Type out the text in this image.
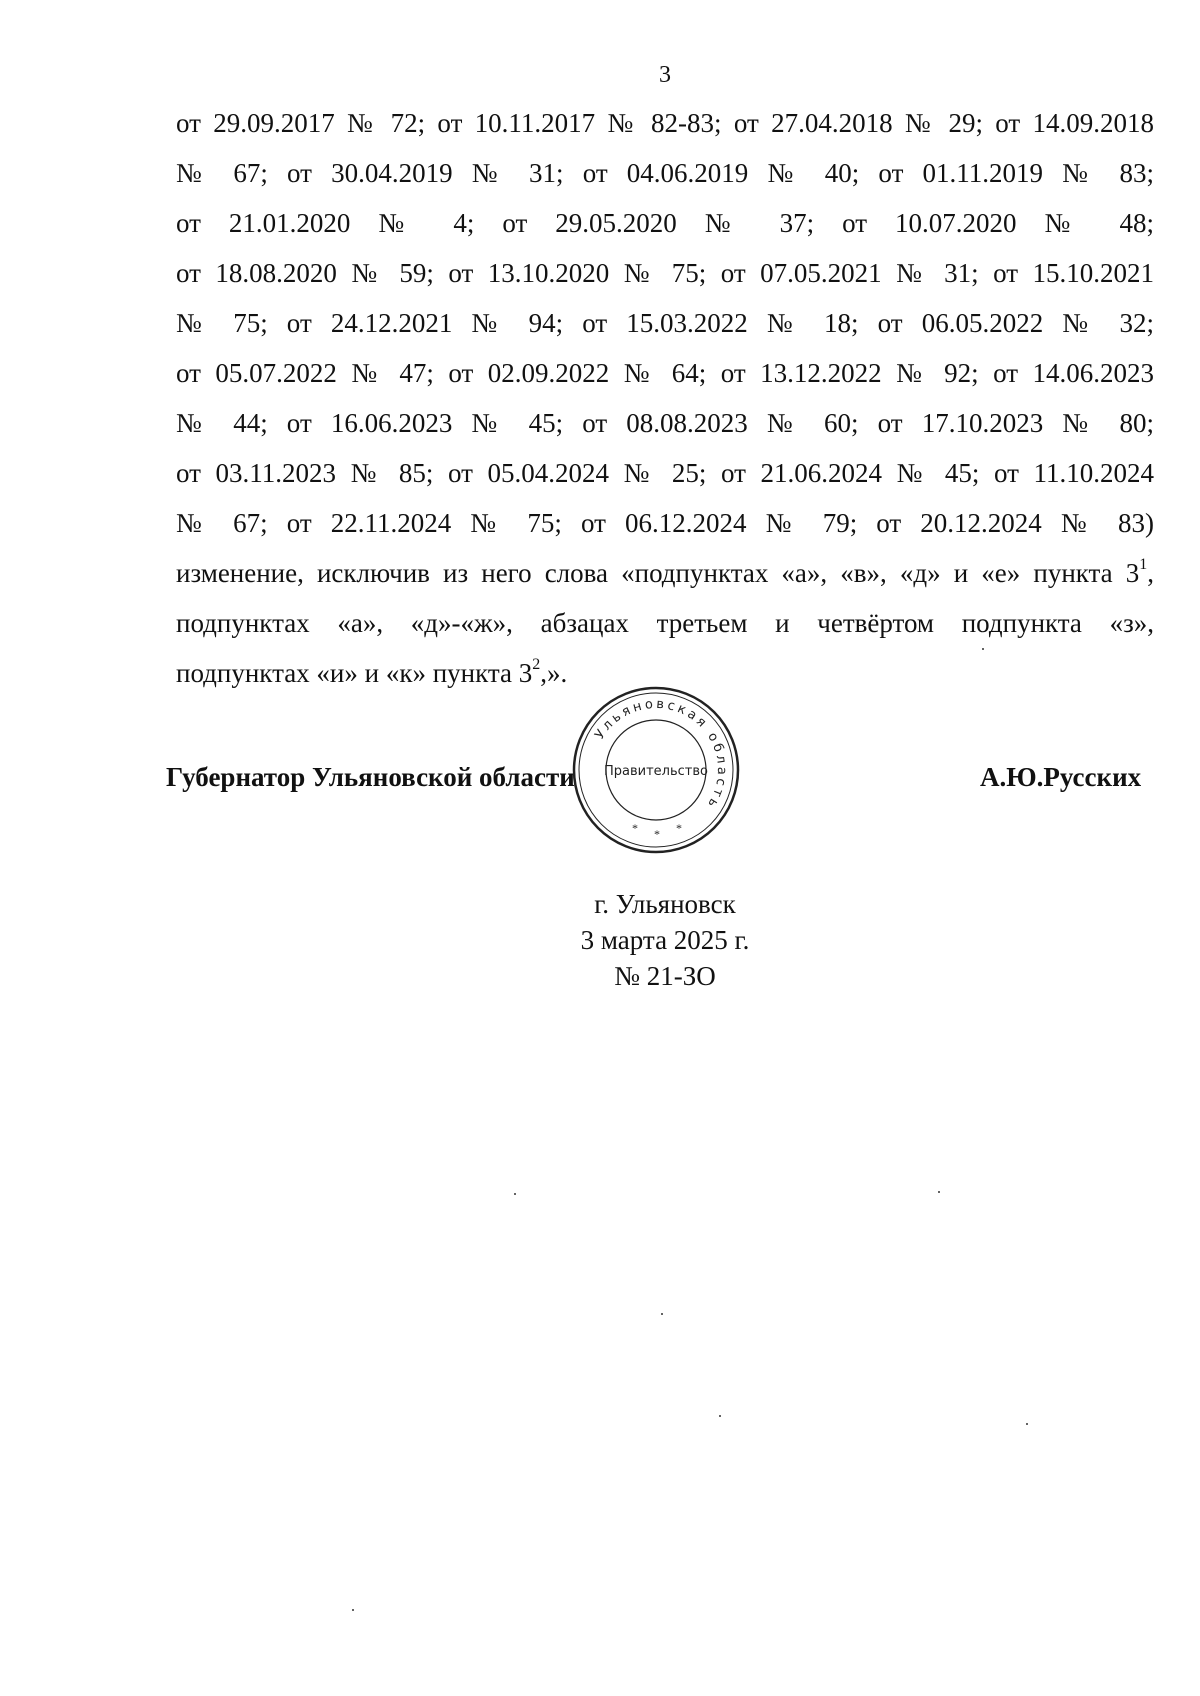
3
от 29.09.2017 № 72; от 10.11.2017 № 82-83; от 27.04.2018 № 29; от 14.09.2018
№ 67; от 30.04.2019 № 31; от 04.06.2019 № 40; от 01.11.2019 № 83;
от 21.01.2020 № 4; от 29.05.2020 № 37; от 10.07.2020 № 48;
от 18.08.2020 № 59; от 13.10.2020 № 75; от 07.05.2021 № 31; от 15.10.2021
№ 75; от 24.12.2021 № 94; от 15.03.2022 № 18; от 06.05.2022 № 32;
от 05.07.2022 № 47; от 02.09.2022 № 64; от 13.12.2022 № 92; от 14.06.2023
№ 44; от 16.06.2023 № 45; от 08.08.2023 № 60; от 17.10.2023 № 80;
от 03.11.2023 № 85; от 05.04.2024 № 25; от 21.06.2024 № 45; от 11.10.2024
№ 67; от 22.11.2024 № 75; от 06.12.2024 № 79; от 20.12.2024 № 83)
изменение, исключив из него слова «подпунктах «а», «в», «д» и «е» пункта $3^1$,
подпунктах «а», «д»-«ж», абзацах третьем и четвёртом подпункта «з»,
подпунктах «и» и «к» пункта $3^2$,».
Губернатор Ульяновской области	А.Ю.Русских
Ульяновская область
Правительство
* * *
г. Ульяновск
3 марта 2025 г.
№ 21-ЗО
